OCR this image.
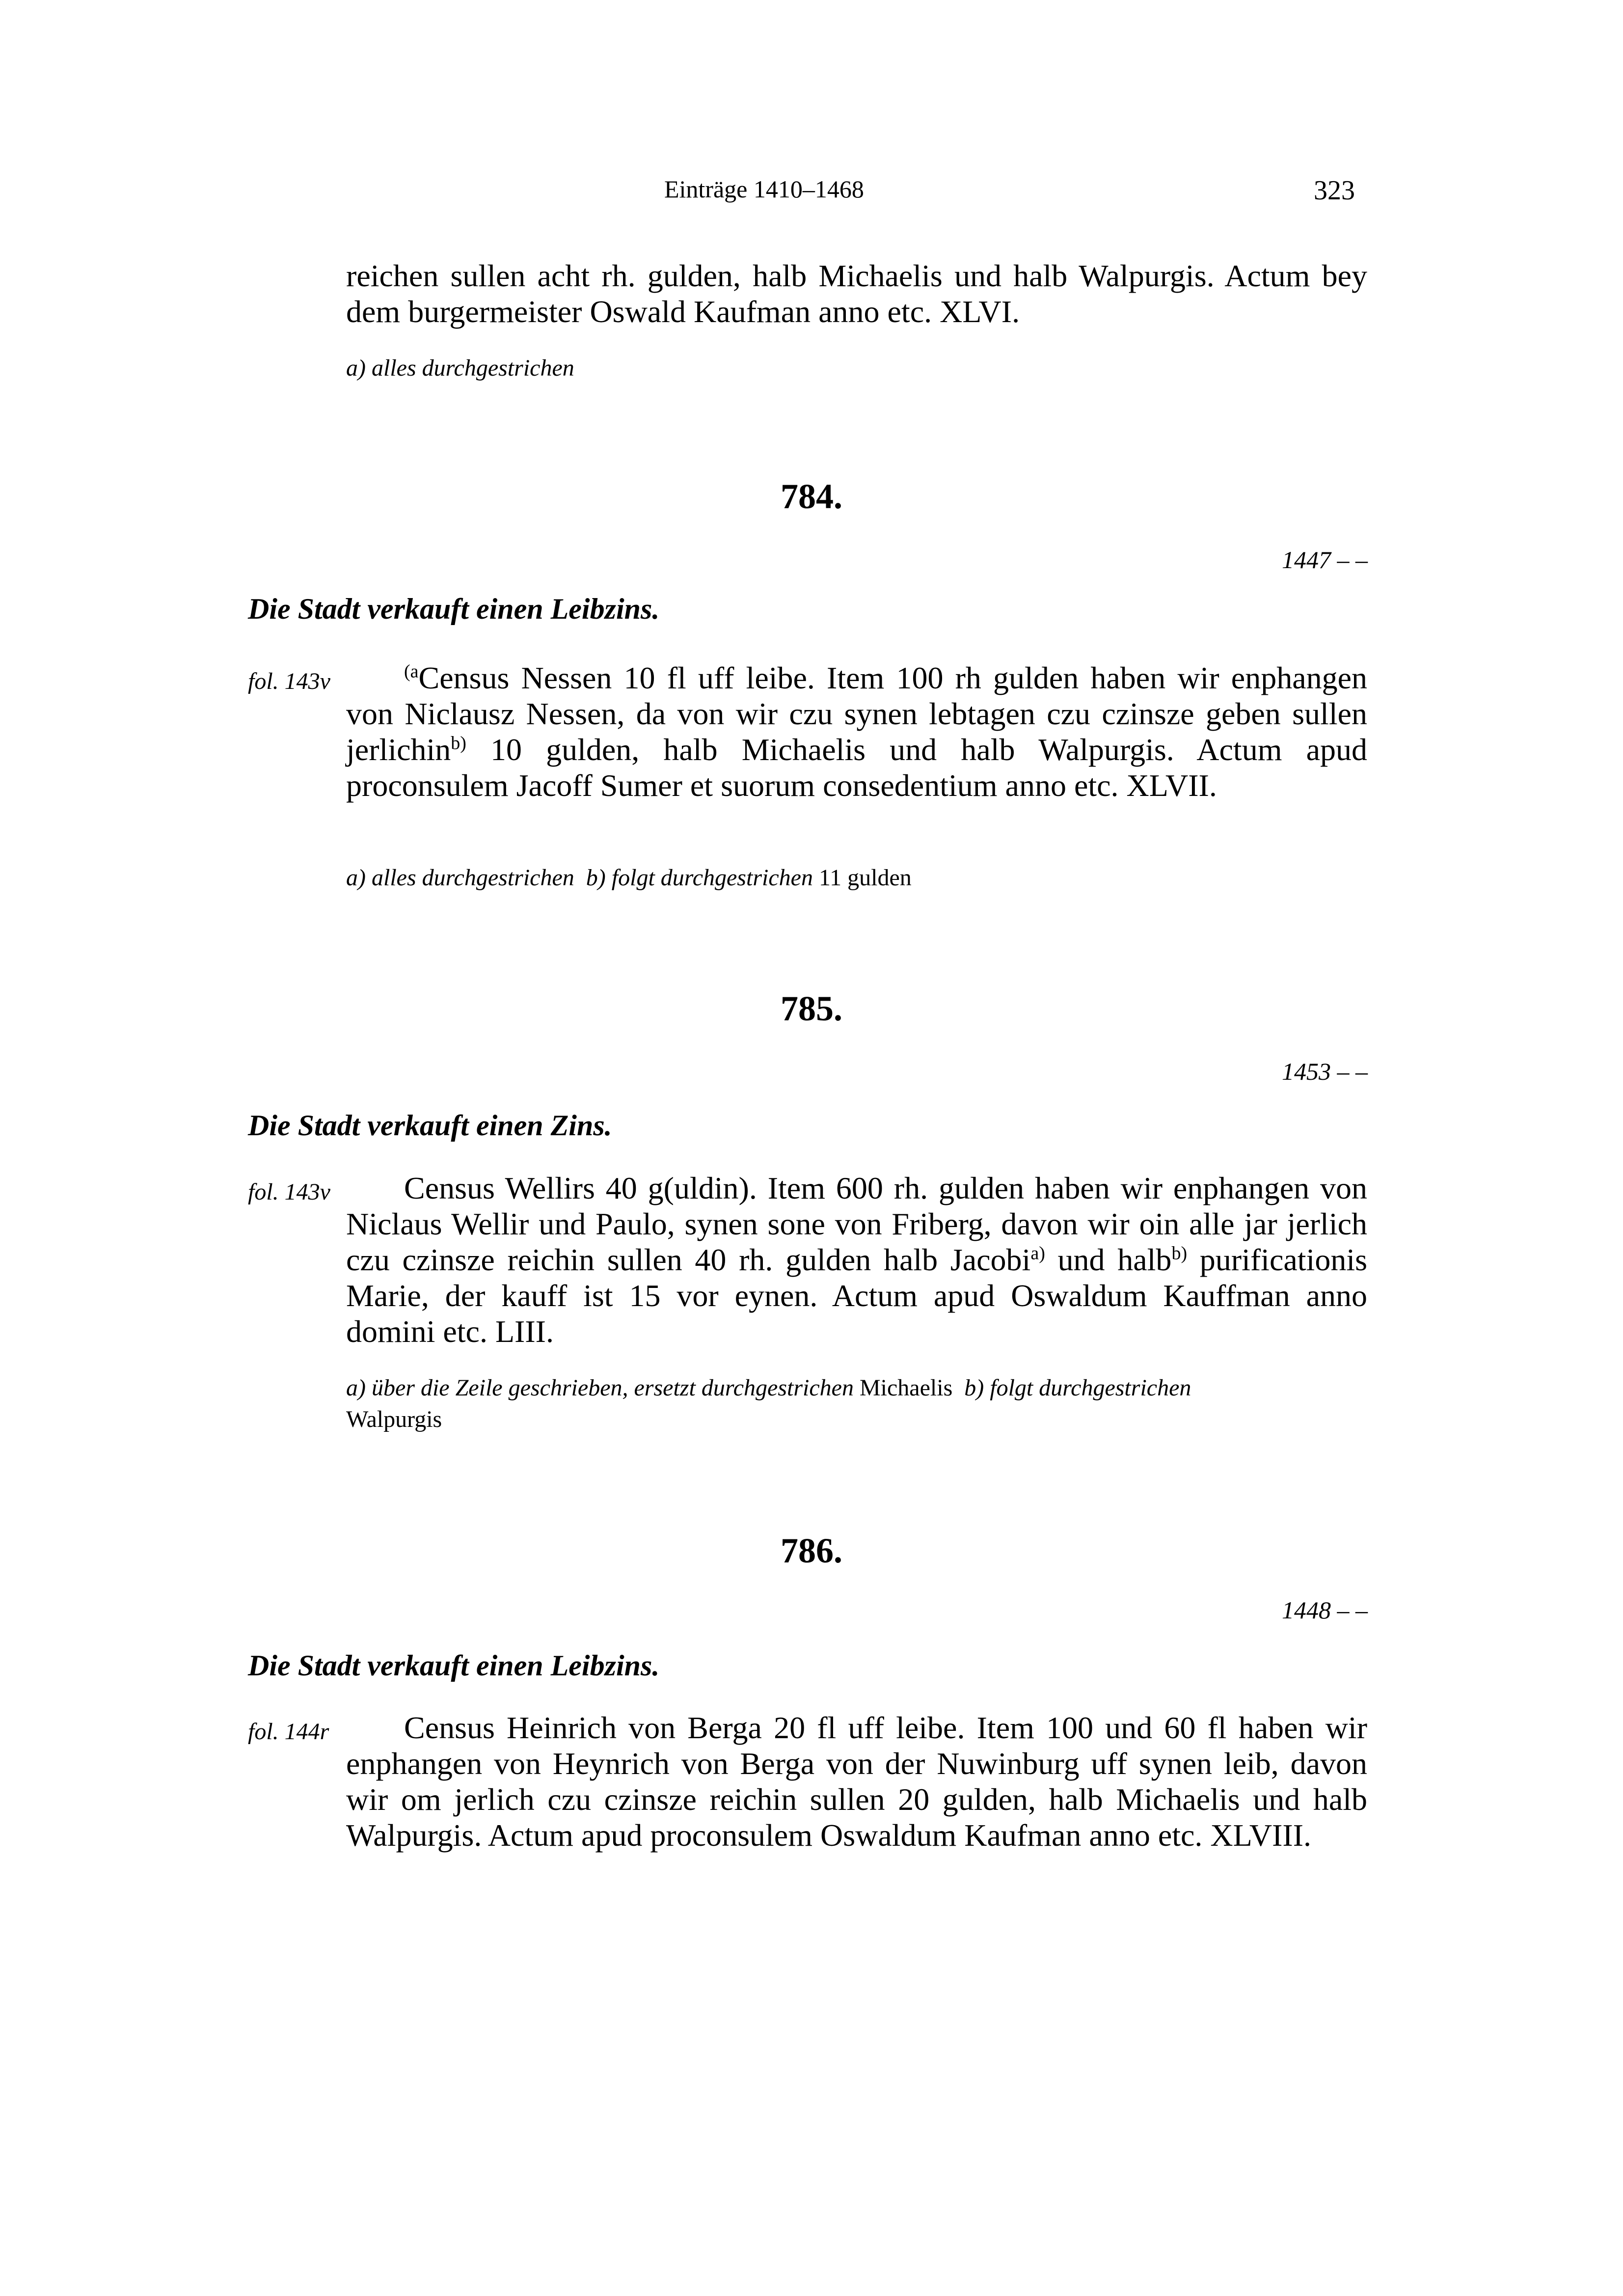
Einträge 1410–1468	323

reichen sullen acht rh. gulden, halb Michaelis und halb Walpurgis. Actum bey dem burgermeister Oswald Kaufman anno etc. XLVI.

a) alles durchgestrichen

784.
1447 – –
Die Stadt verkauft einen Leibzins.
fol. 143v	$^{(a}$Census Nessen 10 fl uff leibe. Item 100 rh gulden haben wir enphangen von Niclausz Nessen, da von wir czu synen lebtagen czu czinsze geben sullen jerlichin$^{b)}$ 10 gulden, halb Michaelis und halb Walpurgis. Actum apud proconsulem Jacoff Sumer et suorum consedentium anno etc. XLVII.

a) alles durchgestrichen b) folgt durchgestrichen 11 gulden

785.
1453 – –
Die Stadt verkauft einen Zins.
fol. 143v	Census Wellirs 40 g(uldin). Item 600 rh. gulden haben wir enphangen von Niclaus Wellir und Paulo, synen sone von Friberg, davon wir oin alle jar jerlich czu czinsze reichin sullen 40 rh. gulden halb Jacobi$^{a)}$ und halb$^{b)}$ purificationis Marie, der kauff ist 15 vor eynen. Actum apud Oswaldum Kauffman anno domini etc. LIII.

a) über die Zeile geschrieben, ersetzt durchgestrichen Michaelis b) folgt durchgestrichen
Walpurgis

786.
1448 – –
Die Stadt verkauft einen Leibzins.
fol. 144r	Census Heinrich von Berga 20 fl uff leibe. Item 100 und 60 fl haben wir enphangen von Heynrich von Berga von der Nuwinburg uff synen leib, davon wir om jerlich czu czinsze reichin sullen 20 gulden, halb Michaelis und halb Walpurgis. Actum apud proconsulem Oswaldum Kaufman anno etc. XLVIII.
